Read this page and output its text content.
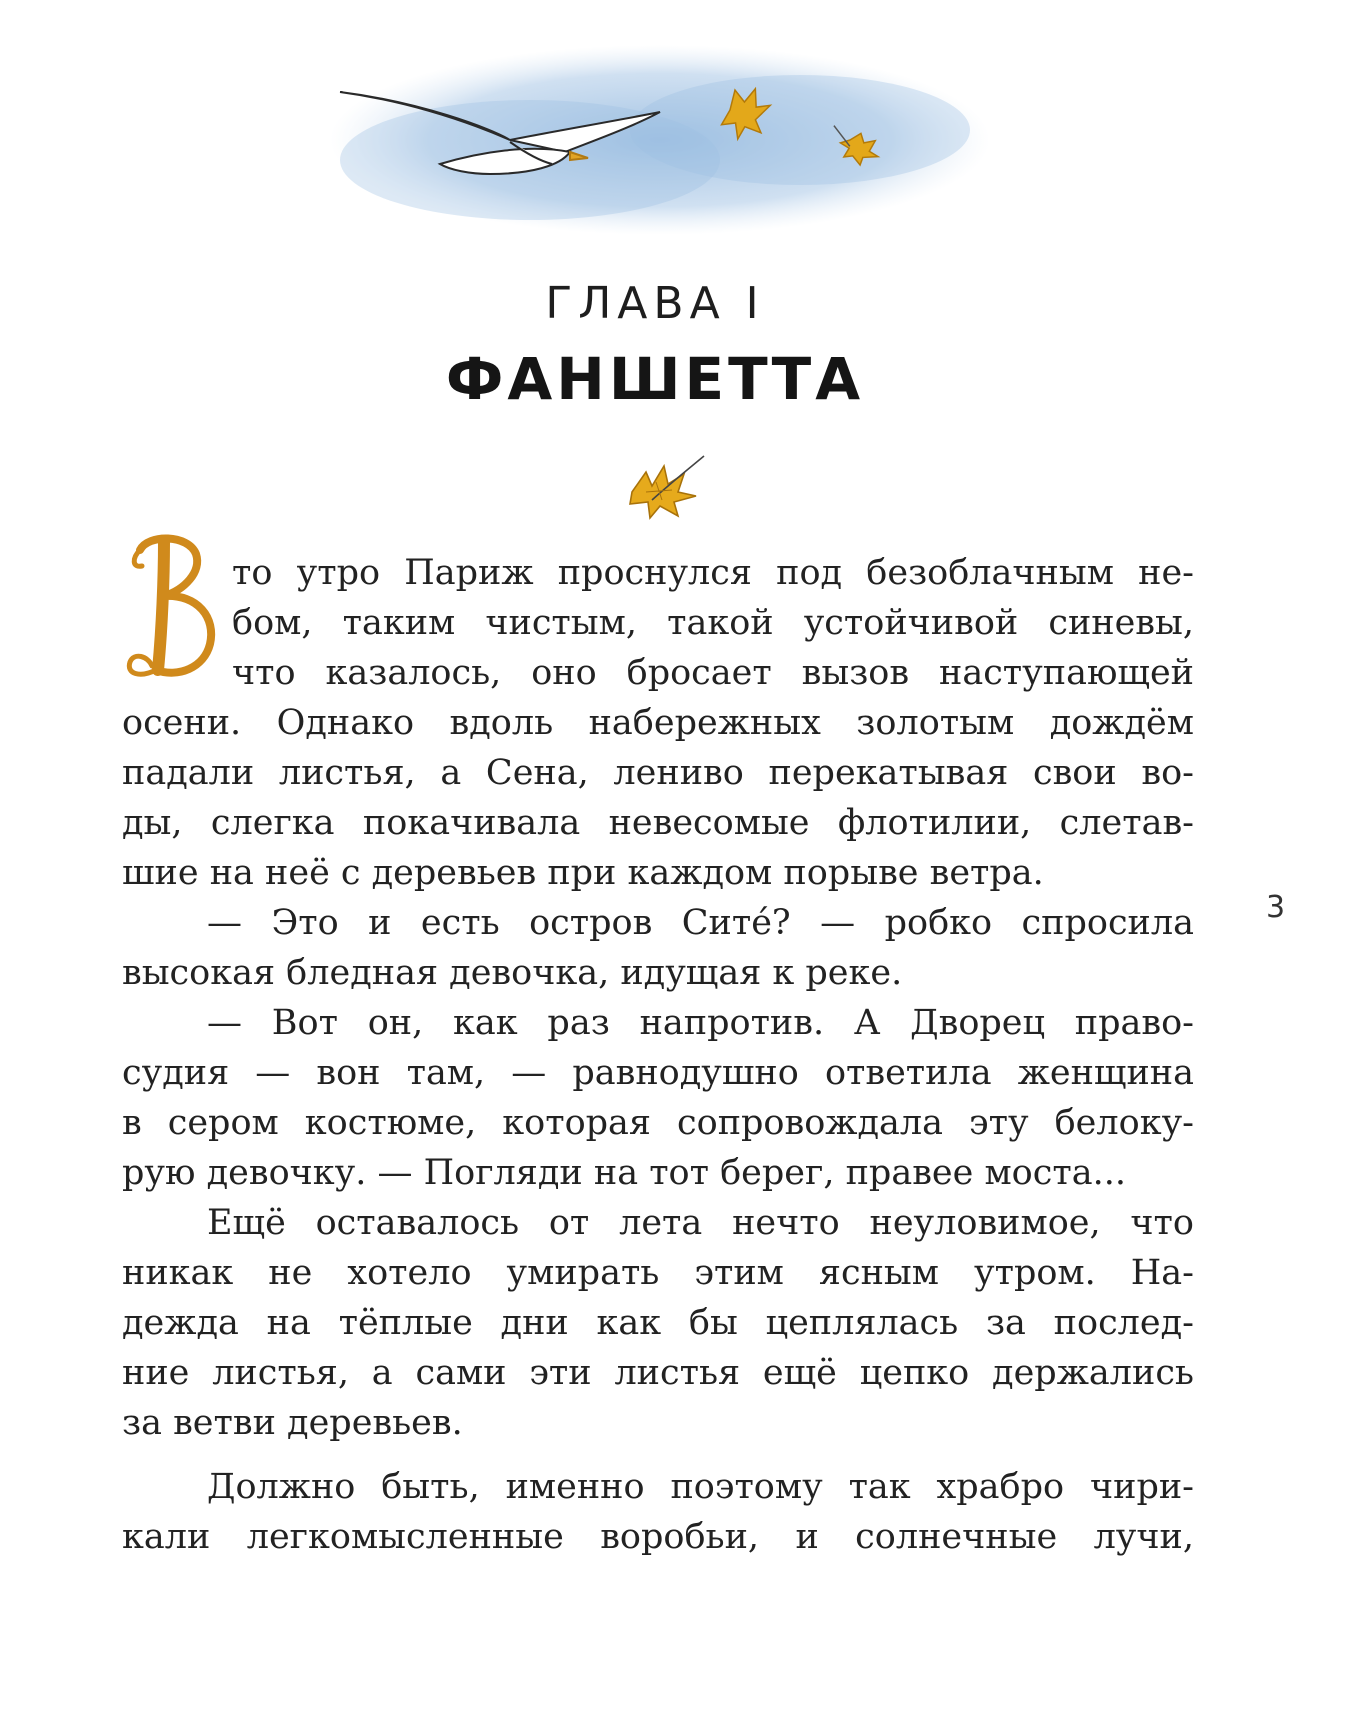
ГЛАВА I
ФАНШЕТТА
то утро Париж проснулся под безоблачным не-
бом, таким чистым, такой устойчивой синевы,
что казалось, оно бросает вызов наступающей
осени. Однако вдоль набережных золотым дождём
падали листья, а Сена, лениво перекатывая свои во-
ды, слегка покачивала невесомые флотилии, слетав-
шие на неё с деревьев при каждом порыве ветра.
— Это и есть остров Ситé? — робко спросила
высокая бледная девочка, идущая к реке.
— Вот он, как раз напротив. А Дворец право-
судия — вон там, — равнодушно ответила женщина
в сером костюме, которая сопровождала эту белоку-
рую девочку. — Погляди на тот берег, правее моста...
Ещё оставалось от лета нечто неуловимое, что
никак не хотело умирать этим ясным утром. На-
дежда на тёплые дни как бы цеплялась за послед-
ние листья, а сами эти листья ещё цепко держались
за ветви деревьев.
Должно быть, именно поэтому так храбро чири-
кали легкомысленные воробьи, и солнечные лучи,
3
